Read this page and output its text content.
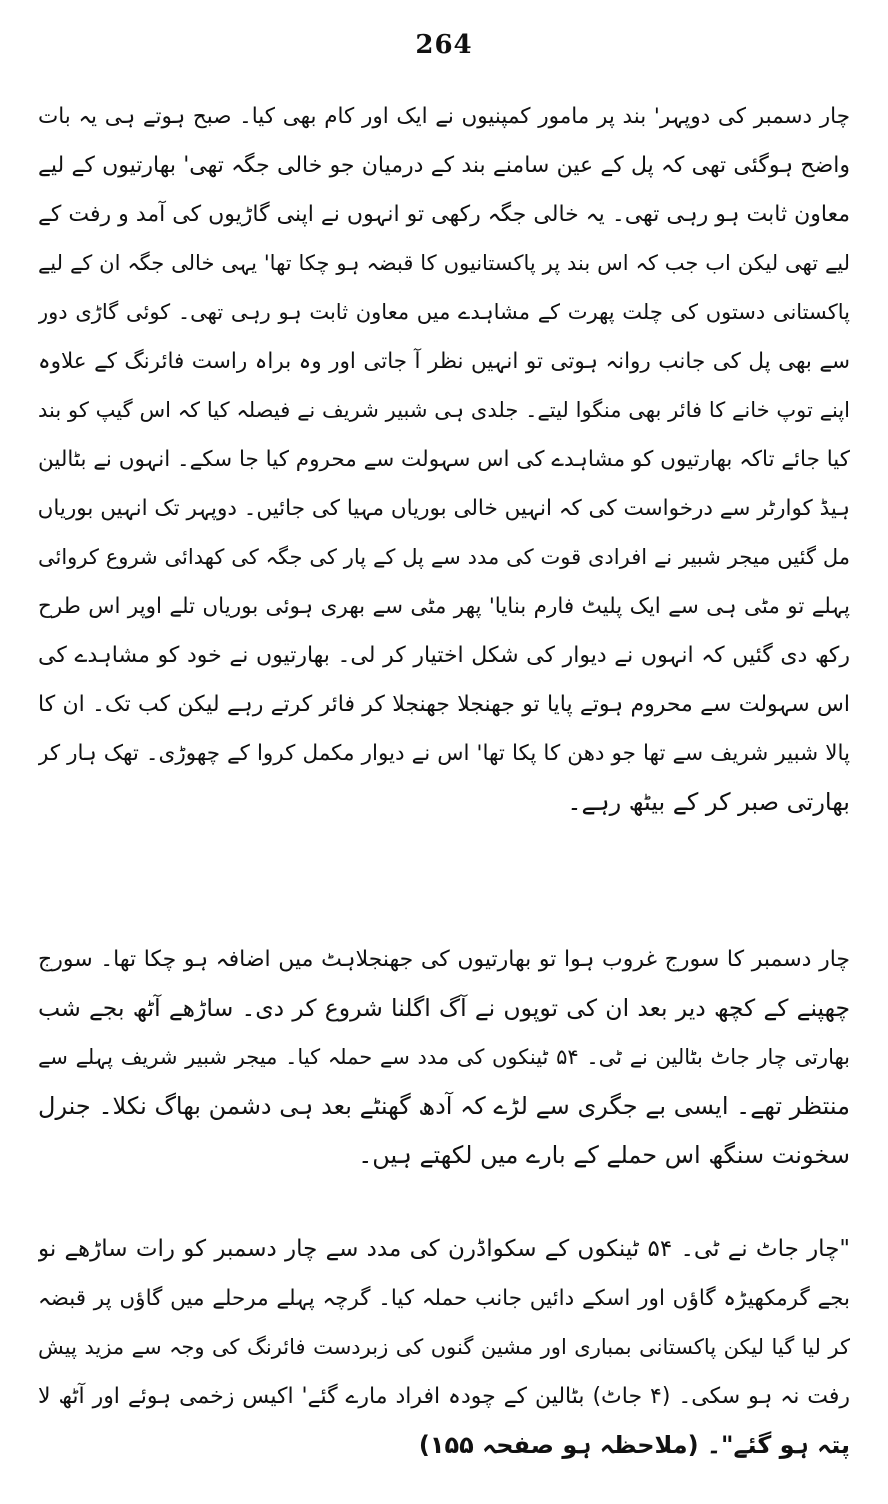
264
چار دسمبر کی دوپہر' بند پر مامور کمپنیوں نے ایک اور کام بھی کیا۔ صبح ہوتے ہی یہ بات
واضح ہوگئی تھی کہ پل کے عین سامنے بند کے درمیان جو خالی جگہ تھی' بھارتیوں کے لیے
معاون ثابت ہو رہی تھی۔ یہ خالی جگہ رکھی تو انہوں نے اپنی گاڑیوں کی آمد و رفت کے
لیے تھی لیکن اب جب کہ اس بند پر پاکستانیوں کا قبضہ ہو چکا تھا' یہی خالی جگہ ان کے لیے
پاکستانی دستوں کی چلت پھرت کے مشاہدے میں معاون ثابت ہو رہی تھی۔ کوئی گاڑی دور
سے بھی پل کی جانب روانہ ہوتی تو انہیں نظر آ جاتی اور وہ براہ راست فائرنگ کے علاوہ
اپنے توپ خانے کا فائر بھی منگوا لیتے۔ جلدی ہی شبیر شریف نے فیصلہ کیا کہ اس گیپ کو بند
کیا جائے تاکہ بھارتیوں کو مشاہدے کی اس سہولت سے محروم کیا جا سکے۔ انہوں نے بٹالین
ہیڈ کوارٹر سے درخواست کی کہ انہیں خالی بوریاں مہیا کی جائیں۔ دوپہر تک انہیں بوریاں
مل گئیں میجر شبیر نے افرادی قوت کی مدد سے پل کے پار کی جگہ کی کھدائی شروع کروائی
پہلے تو مٹی ہی سے ایک پلیٹ فارم بنایا' پھر مٹی سے بھری ہوئی بوریاں تلے اوپر اس طرح
رکھ دی گئیں کہ انہوں نے دیوار کی شکل اختیار کر لی۔ بھارتیوں نے خود کو مشاہدے کی
اس سہولت سے محروم ہوتے پایا تو جھنجلا جھنجلا کر فائر کرتے رہے لیکن کب تک۔ ان کا
پالا شبیر شریف سے تھا جو دھن کا پکا تھا' اس نے دیوار مکمل کروا کے چھوڑی۔ تھک ہار کر
بھارتی صبر کر کے بیٹھ رہے۔
چار دسمبر کا سورج غروب ہوا تو بھارتیوں کی جھنجلاہٹ میں اضافہ ہو چکا تھا۔ سورج
چھپنے کے کچھ دیر بعد ان کی توپوں نے آگ اگلنا شروع کر دی۔ ساڑھے آٹھ بجے شب
بھارتی چار جاٹ بٹالین نے ٹی۔ ۵۴ ٹینکوں کی مدد سے حملہ کیا۔ میجر شبیر شریف پہلے سے
منتظر تھے۔ ایسی بے جگری سے لڑے کہ آدھ گھنٹے بعد ہی دشمن بھاگ نکلا۔ جنرل
سخونت سنگھ اس حملے کے بارے میں لکھتے ہیں۔
"چار جاٹ نے ٹی۔ ۵۴ ٹینکوں کے سکواڈرن کی مدد سے چار دسمبر کو رات ساڑھے نو
بجے گرمکھیڑہ گاؤں اور اسکے دائیں جانب حملہ کیا۔ گرچہ پہلے مرحلے میں گاؤں پر قبضہ
کر لیا گیا لیکن پاکستانی بمباری اور مشین گنوں کی زبردست فائرنگ کی وجہ سے مزید پیش
رفت نہ ہو سکی۔ (۴ جاٹ) بٹالین کے چودہ افراد مارے گئے' اکیس زخمی ہوئے اور آٹھ لا
پتہ ہو گئے"۔ (ملاحظہ ہو صفحہ ۱۵۵)
